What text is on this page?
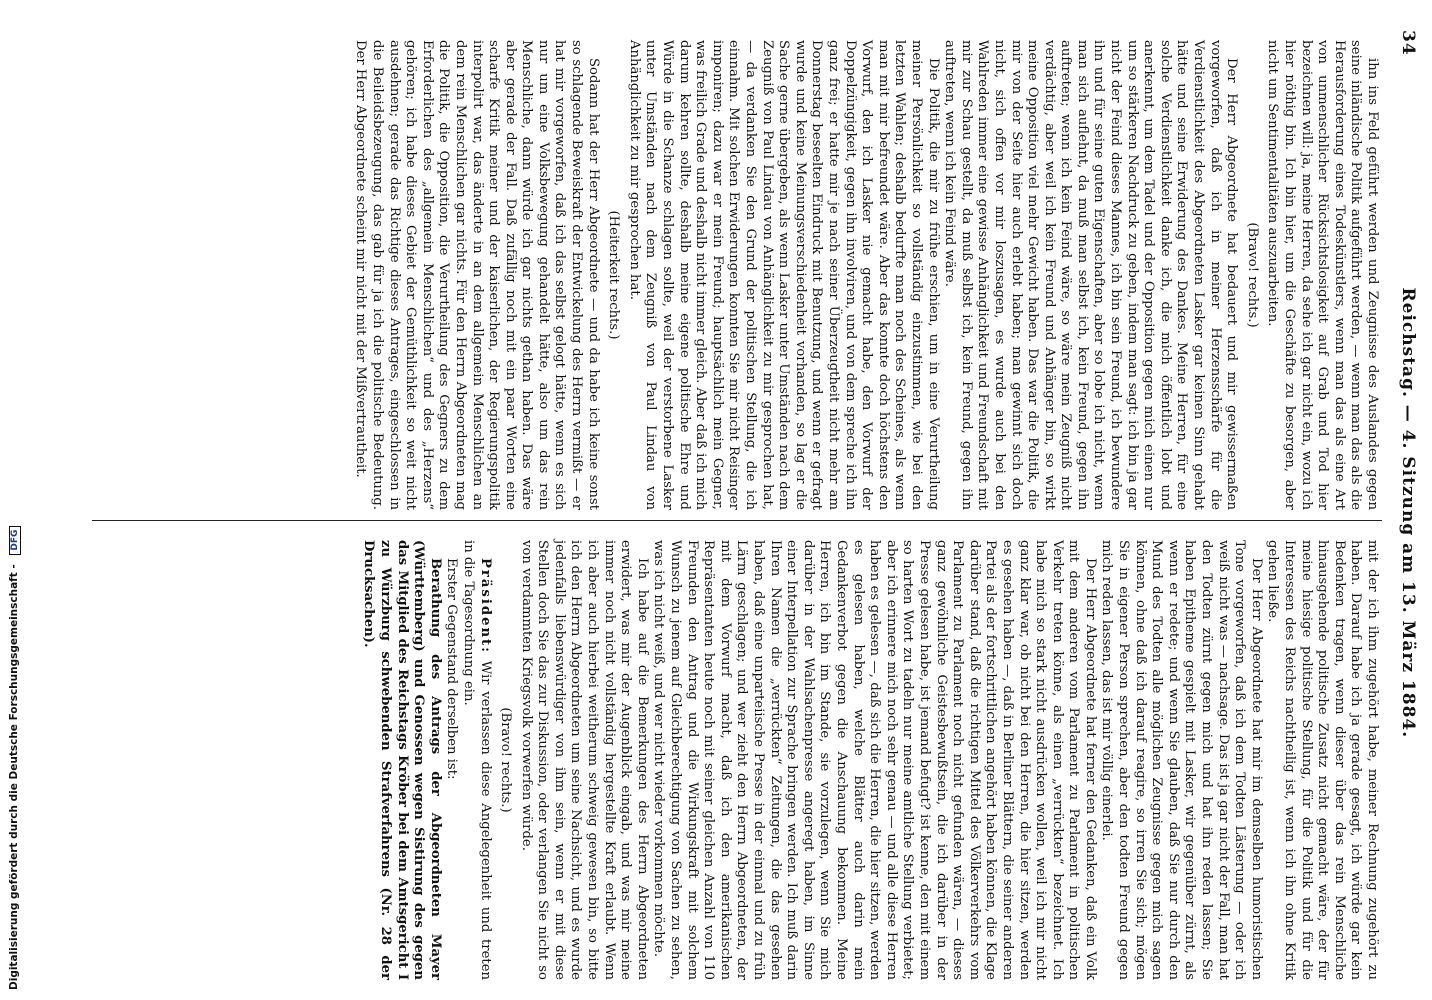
34
Reichstag. — 4. Sitzung am 13. März 1884.

ihn ins Feld geführt werden und Zeugnisse des Auslandes gegen seine inländische Politik aufgeführt werden, — wenn man das als die Herausforderung eines Todeskünstlers, wenn man das als eine Art von unmenschlicher Rücksichtslosigkeit auf Grab und Tod hier bezeichnen will: ja, meine Herren, da sehe ich gar nicht ein, wozu ich hier nöthig bin. Ich bin hier, um die Geschäfte zu besorgen, aber nicht um Sentimentalitäten auszuarbeiten.

(Bravo! rechts.)

Der Herr Abgeordnete hat bedauert und mir gewissermaßen vorgeworfen, daß ich in meiner Herzensschärfe für die Verdienstlichkeit des Abgeordneten Lasker gar keinen Sinn gehabt hätte und seine Erwiderung des Dankes. Meine Herren, für eine solche Verdienstlichkeit danke ich, die mich öffentlich lobt und anerkennt, um dem Tadel und der Opposition gegen mich einen nur um so stärkeren Nachdruck zu geben, indem man sagt: ich bin ja gar nicht der Feind dieses Mannes, ich bin sein Freund, ich bewundere ihn und für seine guten Eigenschaften, aber so lobe ich nicht, wenn man sich auflehnt, da muß man selbst ich, kein Freund, gegen ihn auftreten; wenn ich kein Feind wäre, so wäre mein Zeugniß nicht verdächtig, aber weil ich kein Freund und Anhänger bin, so wirkt meine Opposition viel mehr Gewicht haben. Das war die Politik, die mir von der Seite hier auch erlebt haben; man gewinnt sich doch nicht, sich offen vor mir loszusagen, es wurde auch bei den Wahlreden immer eine gewisse Anhänglichkeit und Freundschaft mit mir zur Schau gestellt, da muß selbst ich, kein Freund, gegen ihn auftreten, wenn ich kein Feind wäre.

Die Politik, die mir zu frühe erschien, um in eine Verurtheilung meiner Persönlichkeit so vollständig einzustimmen, wie bei den letzten Wahlen; deshalb bedurfte man noch des Scheines, als wenn man mit mir befreundet wäre. Aber das konnte doch höchstens den Vorwurf, den ich Lasker nie gemacht habe, den Vorwurf der Doppelzüngigkeit, gegen ihn involviren, und von dem spreche ich ihn ganz frei; er hatte mir je nach seiner Überzeugtheit nicht mehr am Donnerstag beseelten Eindruck mit Benutzung, und wenn er gefragt wurde und keine Meinungsverschiedenheit vorhanden, so lag er die Sache gerne übergeben, als wenn Lasker unter Umständen nach dem Zeugniß von Paul Lindau von Anhänglichkeit zu mir gesprochen hat, — da verdanken Sie den Grund der politischen Stellung, die ich einnahm. Mit solchen Erwiderungen konnten Sie mir nicht Reisinger imponiren; dazu war er mein Freund; hauptsächlich mein Gegner, was freilich Grade und deshalb nicht immer gleich. Aber daß ich mich darum kehren sollte, deshalb meine eigene politische Ehre und Würde in die Schanze schlagen sollte, weil der verstorbene Lasker unter Umständen nach dem Zeugniß von Paul Lindau von Anhänglichkeit zu mir gesprochen hat.

(Heiterkeit rechts.)

Sodann hat der Herr Abgeordnete — und da habe ich keine sonst so schlagende Beweiskraft der Entwickelung des Herrn vermißt — er hat mir vorgeworfen, daß ich das selbst gelogt hätte, wenn es sich nur um eine Volksbewegung gehandelt hätte, also um das rein Menschliche, dann würde ich gar nichts gethan haben. Das wäre aber gerade der Fall. Daß zufällig noch mit ein paar Worten eine scharfe Kritik meiner und der kaiserlichen, der Regierungspolitik interpolirt war, das änderte in an dem allgemein Menschlichen an dem rein Menschlichen gar nichts. Für den Herrn Abgeordneten mag die Politik, die Opposition, die Verurtheilung des Gegners zu dem Erforderlichen des „allgemein Menschlichen“ und des „Herzens“ gehören; ich habe dieses Gebiet der Gemüthlichkeit so weit nicht ausdehnen; gerade das Richtige dieses Antrages, eingeschlossen in die Beileidsbezeugung, das gab für ja ich die politische Bedeutung. Der Herr Abgeordnete scheint mir nicht mit der Mißvertrautheit.

mit der ich ihm zugehört habe, meiner Rechnung zugehört zu haben. Darauf habe ich ja gerade gesagt, ich würde gar kein Bedenken tragen, wenn dieser über das rein Menschliche hinausgehende politische Zusatz nicht gemacht wäre, der für meine hiesige politische Stellung, für die Politik und für die Interessen des Reichs nachtheilig ist, wenn ich ihn ohne Kritik gehen ließe.

Der Herr Abgeordnete hat mir im demselben humoristischen Tone vorgeworfen, daß ich dem Todten Lästerung — oder ich weiß nicht was — nachsage. Das ist ja gar nicht der Fall, man hat den Todten zürnt gegen mich und hat ihn reden lassen; Sie haben Epitheme gespielt mit Lasker, wir gegenüber zürnt, als wenn er redete; und wenn Sie glauben, daß Sie nur durch den Mund des Todten alle möglichen Zeugnisse gegen mich sagen können, ohne daß ich darauf reagire, so irren Sie sich; mögen Sie in eigener Person sprechen, aber den todten Freund gegen mich reden lassen, das ist mir völlig einerlei.

Der Herr Abgeordnete hat ferner den Gedanken, daß ein Volk mit dem anderen vom Parlament zu Parlament in politischen Verkehr treten könne, als einen „verrückten“ bezeichnet. Ich habe mich so stark nicht ausdrücken wollen, weil ich mir nicht ganz klar war, ob nicht bei den Herren, die hier sitzen, werden es gesehen haben —, daß in Berliner Blättern, die seiner anderen Partei als der fortschrittlichen angehört haben können, die Klage darüber stand, daß die richtigen Mittel des Völkerverkehrs vom Parlament zu Parlament noch nicht gefunden wären, — dieses ganz gewöhnliche Geistesbewußtsein, die ich darüber in der Presse gelesen habe, ist jemand befugt? ist kenne, den mit einem so harten Wort zu tadeln nur meine amtliche Stellung verbietet; aber ich erinnere mich noch sehr genau — und alle diese Herren haben es gelesen —, daß sich die Herren, die hier sitzen, werden es gelesen haben, welche Blätter auch darin mein Gedankenverbot gegen die Anschauung bekommen. Meine Herren, ich bin im Stande, sie vorzulegen, wenn Sie mich darüber in der Wahlsachenpresse angeregt haben, im Sinne einer Interpellation zur Sprache bringen werden. Ich muß darin Ihren Namen die „verrückten“ Zeitungen, die das gesehen haben, daß eine unparteiische Presse in der einmal und zu früh Lärm geschlagen; und wer zieht den Herrn Abgeordneten, der mit dem Vorwurf macht, daß ich den amerikanischen Repräsentanten heute noch mit seiner gleichen Anzahl von 110 Freunden den Antrag und die Wirkungskraft mit solchem Wunsch zu jenem auf Gleichberechtigung von Sachen zu sehen, was ich nicht weiß, und wer nicht wieder vorkommen möchte.

Ich habe auf die Bemerkungen des Herrn Abgeordneten erwidert, was mir der Augenblick eingab, und was mir meine immer noch nicht vollständig hergestellte Kraft erlaubt. Wenn ich aber auch hierbei weitherum schweig gewesen bin, so bitte ich den Herrn Abgeordneten um seine Nachsicht, und es wurde jedenfalls liebenswürdiger von ihm sein, wenn er mit diese Stellen doch Sie das zur Diskussion, oder verlangen Sie nicht so von verdammten Kriegsvolk vorwerfen würde.

(Bravo! rechts.)

Präsident: Wir verlassen diese Angelegenheit und treten in die Tagesordnung ein.

Erster Gegenstand derselben ist:

Berathung des Antrags der Abgeordneten Mayer (Württemberg) und Genossen wegen Sistirung des gegen das Mitglied des Reichstags Kröber bei dem Amtsgericht I zu Würzburg schwebenden Strafverfahrens (Nr. 28 der Drucksachen).

Digitalisierung gefördert durch die Deutsche Forschungsgemeinschaft - DFG
